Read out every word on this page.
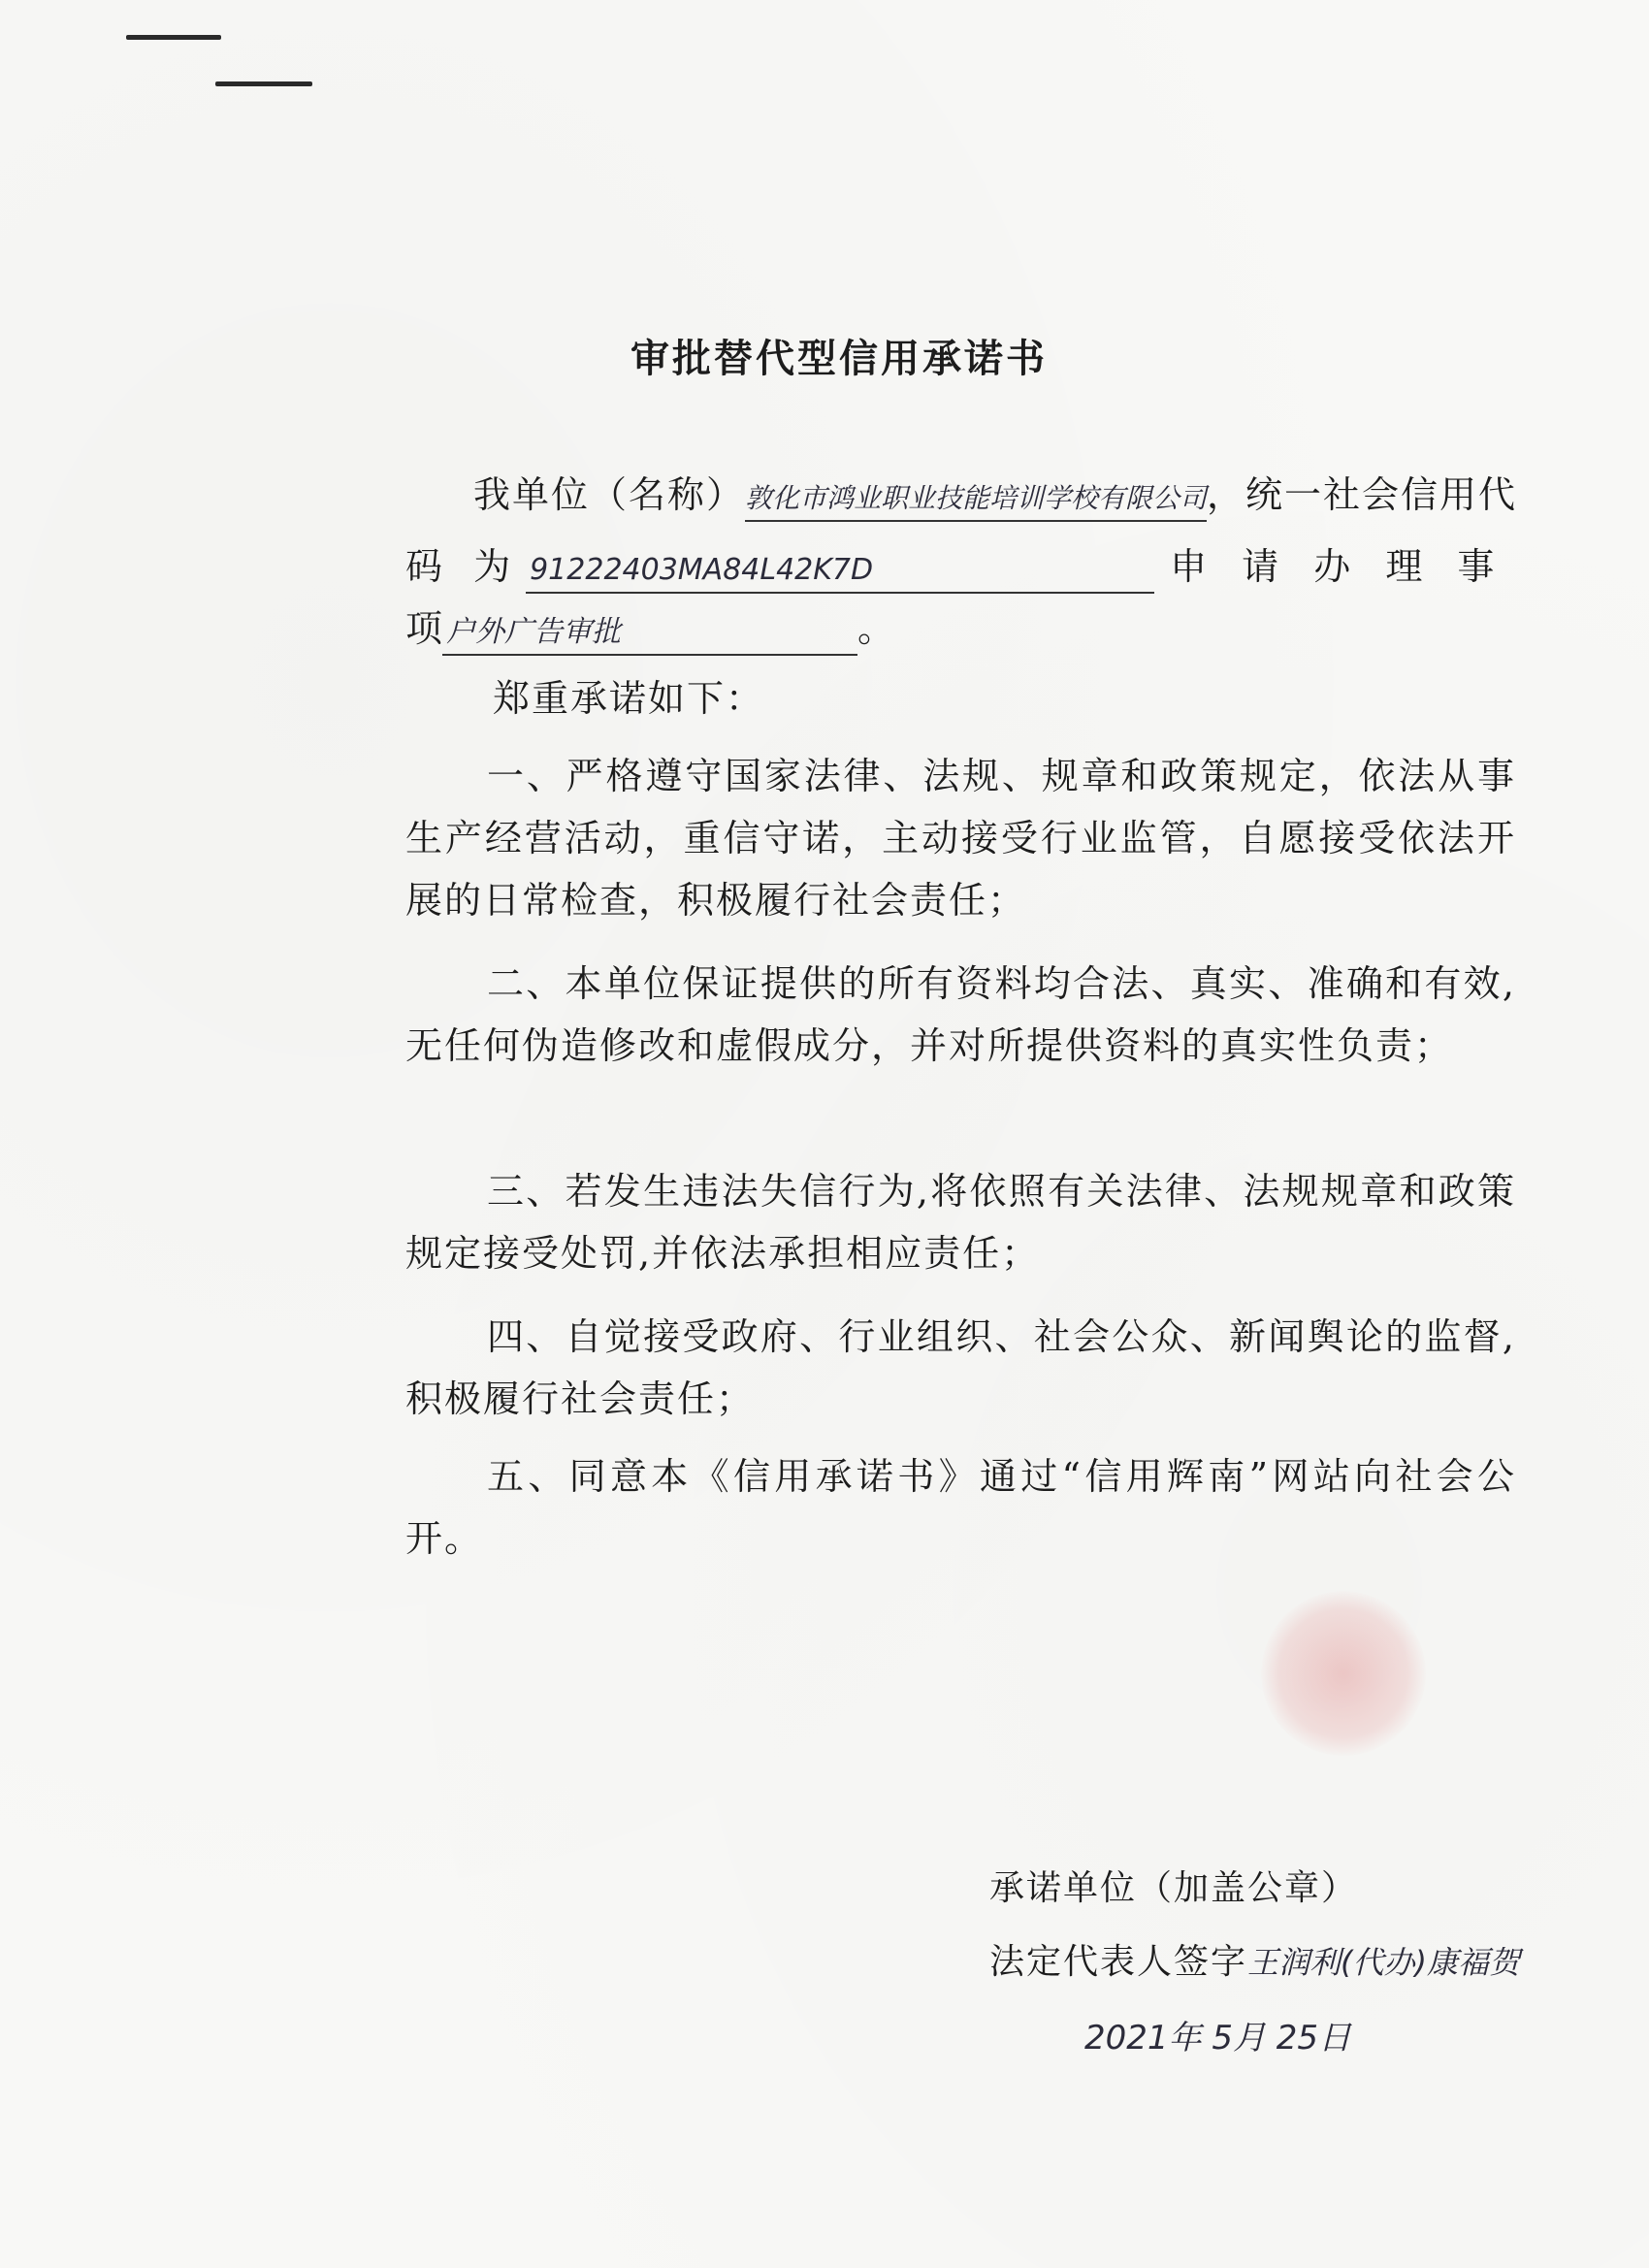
审批替代型信用承诺书
我单位（名称）敦化市鸿业职业技能培训学校有限公司，统一社会信用代
码 为 91222403MA84L42K7D	申 请 办 理 事
项 户外广告审批	。
郑重承诺如下：
一、严格遵守国家法律、法规、规章和政策规定，依法从事生产经营活动，重信守诺，主动接受行业监管，自愿接受依法开展的日常检查，积极履行社会责任；
二、本单位保证提供的所有资料均合法、真实、准确和有效,无任何伪造修改和虚假成分，并对所提供资料的真实性负责；
三、若发生违法失信行为,将依照有关法律、法规规章和政策规定接受处罚,并依法承担相应责任；
四、自觉接受政府、行业组织、社会公众、新闻舆论的监督,积极履行社会责任；
五、同意本《信用承诺书》通过“信用辉南”网站向社会公开。
承诺单位（加盖公章）
法定代表人签字王润利(代办)康福贺
2021年 5月 25日
